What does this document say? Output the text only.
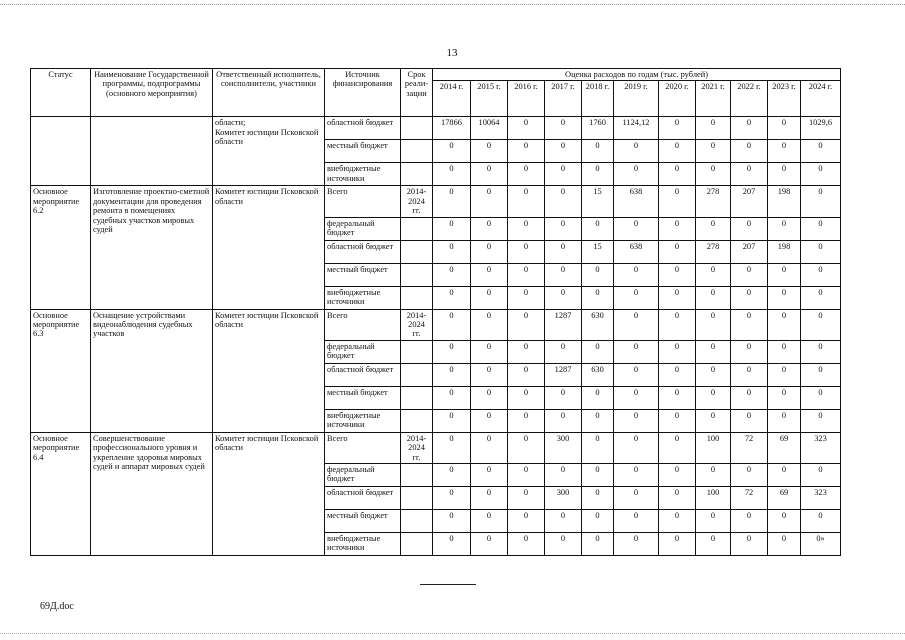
13
Статус	Наименование Государственной программы, подпрограммы (основного мероприятия)	Ответственный исполнитель, соисполнители, участники	Источник финансирования	Срок реали-зации	Оценка расходов по годам (тыс. рублей)										
					2014 г.	2015 г.	2016 г.	2017 г.	2018 г.	2019 г.	2020 г.	2021 г.	2022 г.	2023 г.	2024 г.
		области;
Комитет юстиции Псковской области	областной бюджет		17866	10064	0	0	1760	1124,12	0	0	0	0	1029,6
			местный бюджет		0	0	0	0	0	0	0	0	0	0	0
			внебюджетные источники		0	0	0	0	0	0	0	0	0	0	0
Основное мероприятие 6.2	Изготовление проектно-сметной документации для проведения ремонта в помещениях судебных участков мировых судей	Комитет юстиции Псковской области	Всего	2014-
2024
гг.	0	0	0	0	15	638	0	278	207	198	0
			федеральный бюджет		0	0	0	0	0	0	0	0	0	0	0
			областной бюджет		0	0	0	0	15	638	0	278	207	198	0
			местный бюджет		0	0	0	0	0	0	0	0	0	0	0
			внебюджетные источники		0	0	0	0	0	0	0	0	0	0	0
Основное мероприятие 6.3	Оснащение устройствами видеонаблюдения судебных участков	Комитет юстиции Псковской области	Всего	2014-
2024
гг.	0	0	0	1287	630	0	0	0	0	0	0
			федеральный бюджет		0	0	0	0	0	0	0	0	0	0	0
			областной бюджет		0	0	0	1287	630	0	0	0	0	0	0
			местный бюджет		0	0	0	0	0	0	0	0	0	0	0
			внебюджетные источники		0	0	0	0	0	0	0	0	0	0	0
Основное мероприятие 6.4	Совершенствование профессионального уровня и укрепление здоровья мировых судей и аппарат мировых судей	Комитет юстиции Псковской области	Всего	2014-
2024
гг.	0	0	0	300	0	0	0	100	72	69	323
			федеральный бюджет		0	0	0	0	0	0	0	0	0	0	0
			областной бюджет		0	0	0	300	0	0	0	100	72	69	323
			местный бюджет		0	0	0	0	0	0	0	0	0	0	0
			внебюджетные источники		0	0	0	0	0	0	0	0	0	0	0»
69Д.doc
